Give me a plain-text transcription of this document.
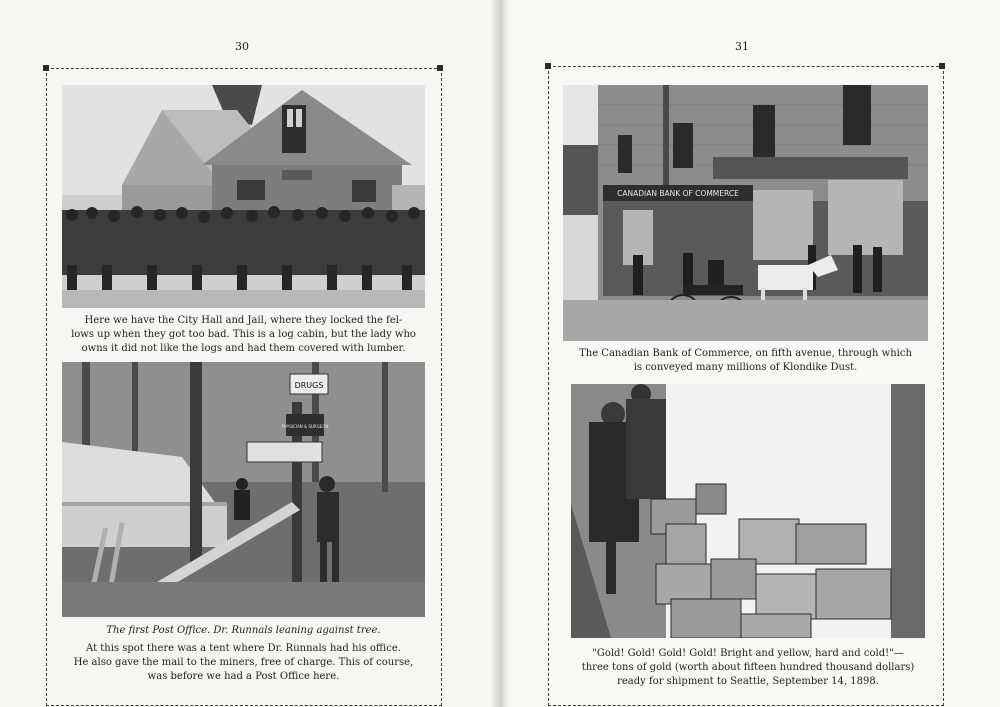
30
Here we have the City Hall and Jail, where they locked the fel-
lows up when they got too bad. This is a log cabin, but the lady who
owns it did not like the logs and had them covered with lumber.
DRUGS
PHYSICIAN & SURGEON
The first Post Office. Dr. Runnals leaning against tree.
At this spot there was a tent where Dr. Runnals had his office.
He also gave the mail to the miners, free of charge. This of course,
was before we had a Post Office here.
31
CANADIAN BANK OF COMMERCE
The Canadian Bank of Commerce, on fifth avenue, through which
is conveyed many millions of Klondike Dust.
"Gold! Gold! Gold! Gold! Bright and yellow, hard and cold!"—
three tons of gold (worth about fifteen hundred thousand dollars)
ready for shipment to Seattle, September 14, 1898.
